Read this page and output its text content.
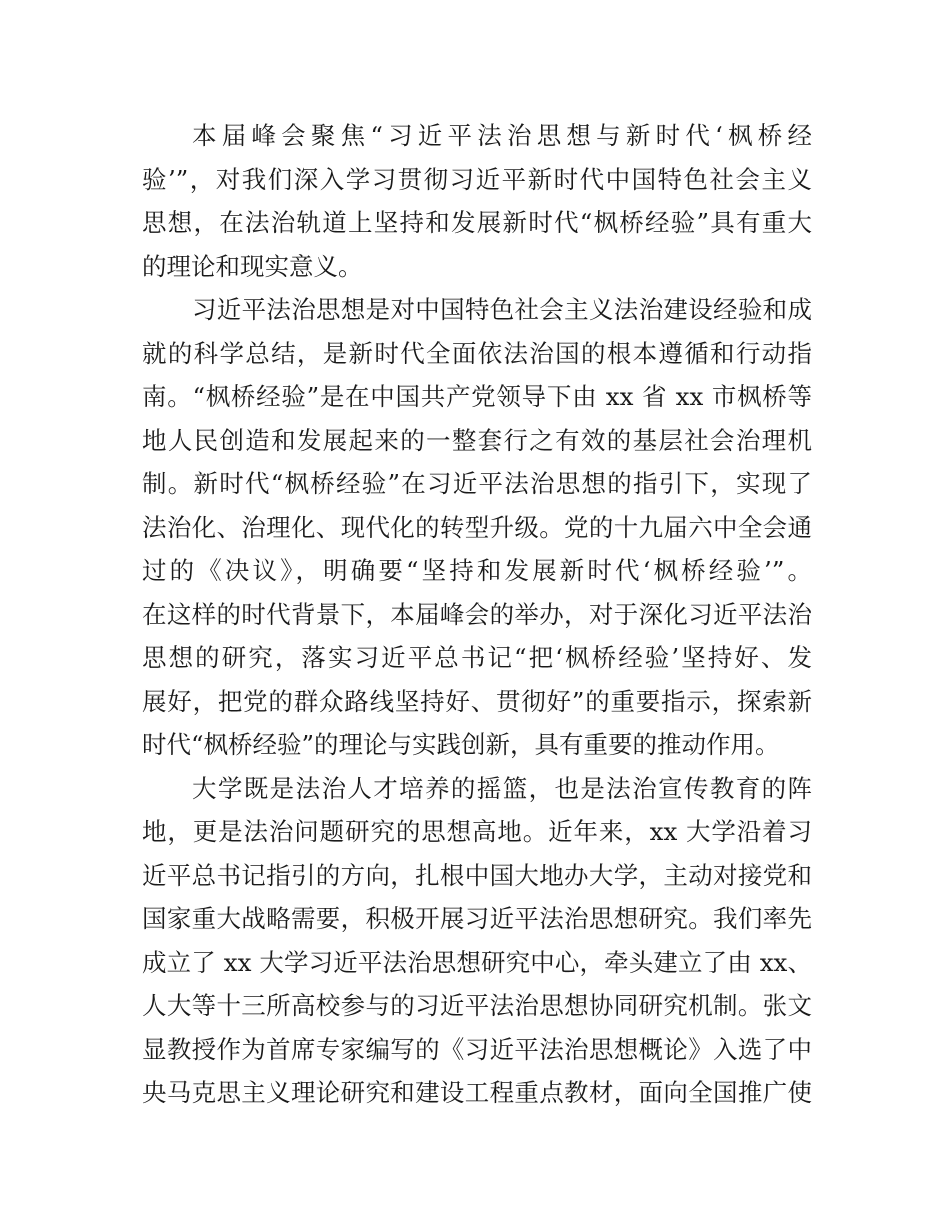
本届峰会聚焦“习近平法治思想与新时代‘枫桥经
验’”，对我们深入学习贯彻习近平新时代中国特色社会主义
思想，在法治轨道上坚持和发展新时代“枫桥经验”具有重大
的理论和现实意义。
习近平法治思想是对中国特色社会主义法治建设经验和成
就的科学总结，是新时代全面依法治国的根本遵循和行动指
南。“枫桥经验”是在中国共产党领导下由 xx 省 xx 市枫桥等
地人民创造和发展起来的一整套行之有效的基层社会治理机
制。新时代“枫桥经验”在习近平法治思想的指引下，实现了
法治化、治理化、现代化的转型升级。党的十九届六中全会通
过的《决议》，明确要“坚持和发展新时代‘枫桥经验’”。
在这样的时代背景下，本届峰会的举办，对于深化习近平法治
思想的研究，落实习近平总书记“把‘枫桥经验’坚持好、发
展好，把党的群众路线坚持好、贯彻好”的重要指示，探索新
时代“枫桥经验”的理论与实践创新，具有重要的推动作用。
大学既是法治人才培养的摇篮，也是法治宣传教育的阵
地，更是法治问题研究的思想高地。近年来，xx 大学沿着习
近平总书记指引的方向，扎根中国大地办大学，主动对接党和
国家重大战略需要，积极开展习近平法治思想研究。我们率先
成立了 xx 大学习近平法治思想研究中心，牵头建立了由 xx、
人大等十三所高校参与的习近平法治思想协同研究机制。张文
显教授作为首席专家编写的《习近平法治思想概论》入选了中
央马克思主义理论研究和建设工程重点教材，面向全国推广使
